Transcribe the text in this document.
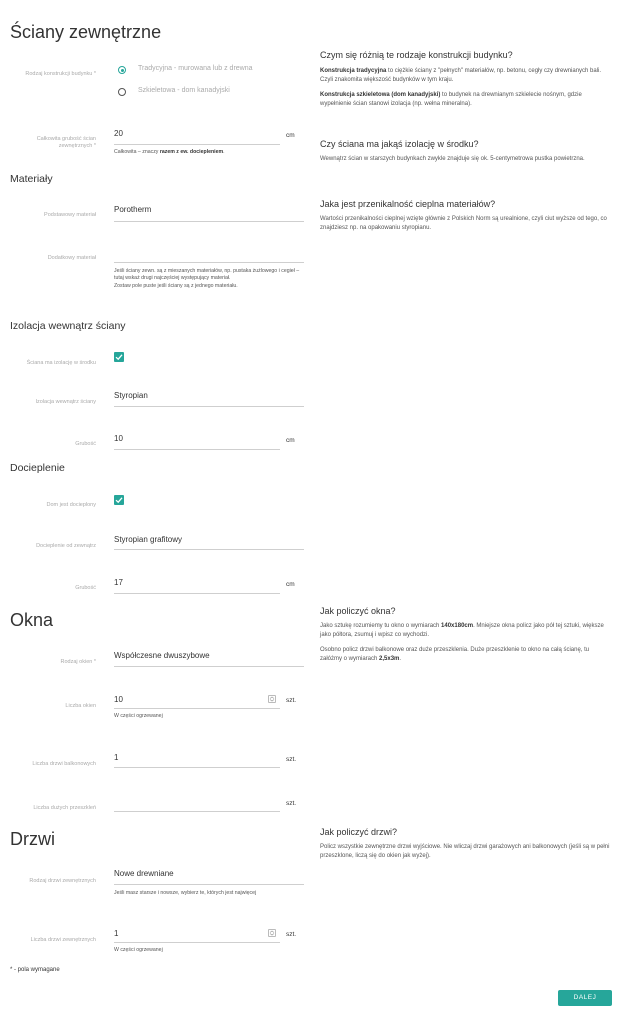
Ściany zewnętrzne
Rodzaj konstrukcji budynku *
Tradycyjna - murowana lub z drewna
Szkieletowa - dom kanadyjski
Całkowita grubość ścian zewnętrznych *
20	cm
Całkowita – znaczy razem z ew. dociepleniem.
Materiały
Podstawowy materiał
Porotherm
Dodatkowy materiał
Jeśli ściany zewn. są z mieszanych materiałów, np. pustaka żużlowego i cegieł – tutaj wskaż drugi najczęściej występujący materiał.
Zostaw pole puste jeśli ściany są z jednego materiału.
Izolacja wewnątrz ściany
Ściana ma izolację w środku
Izolacja wewnątrz ściany
Styropian
Grubość
10	cm
Docieplenie
Dom jest docieplony
Docieplenie od zewnątrz
Styropian grafitowy
Grubość
17	cm
Okna
Rodzaj okien *
Współczesne dwuszybowe
Liczba okien
10	szt.
W części ogrzewanej
Liczba drzwi balkonowych
1	szt.
Liczba dużych przeszkleń
szt.
Drzwi
Rodzaj drzwi zewnętrznych
Nowe drewniane
Jeśli masz starsze i nowsze, wybierz te, których jest najwięcej
Liczba drzwi zewnętrznych
1	szt.
W części ogrzewanej
* - pola wymagane
DALEJ
Czym się różnią te rodzaje konstrukcji budynku?
Konstrukcja tradycyjna to ciężkie ściany z "pełnych" materiałów, np. betonu, cegły czy drewnianych bali. Czyli znakomita większość budynków w tym kraju.
Konstrukcja szkieletowa (dom kanadyjski) to budynek na drewnianym szkielecie nośnym, gdzie wypełnienie ścian stanowi izolacja (np. wełna mineralna).
Czy ściana ma jakąś izolację w środku?
Wewnątrz ścian w starszych budynkach zwykle znajduje się ok. 5-centymetrowa pustka powietrzna.
Jaka jest przenikalność cieplna materiałów?
Wartości przenikalności cieplnej wzięte głównie z Polskich Norm są urealnione, czyli ciut wyższe od tego, co znajdziesz np. na opakowaniu styropianu.
Jak policzyć okna?
Jako sztukę rozumiemy tu okno o wymiarach 140x180cm. Mniejsze okna policz jako pół tej sztuki, większe jako półtora, zsumuj i wpisz co wychodzi.
Osobno policz drzwi balkonowe oraz duże przeszklenia. Duże przeszklenie to okno na całą ścianę, tu załóżmy o wymiarach 2,5x3m.
Jak policzyć drzwi?
Policz wszystkie zewnętrzne drzwi wyjściowe. Nie wliczaj drzwi garażowych ani balkonowych (jeśli są w pełni przeszklone, liczą się do okien jak wyżej).
